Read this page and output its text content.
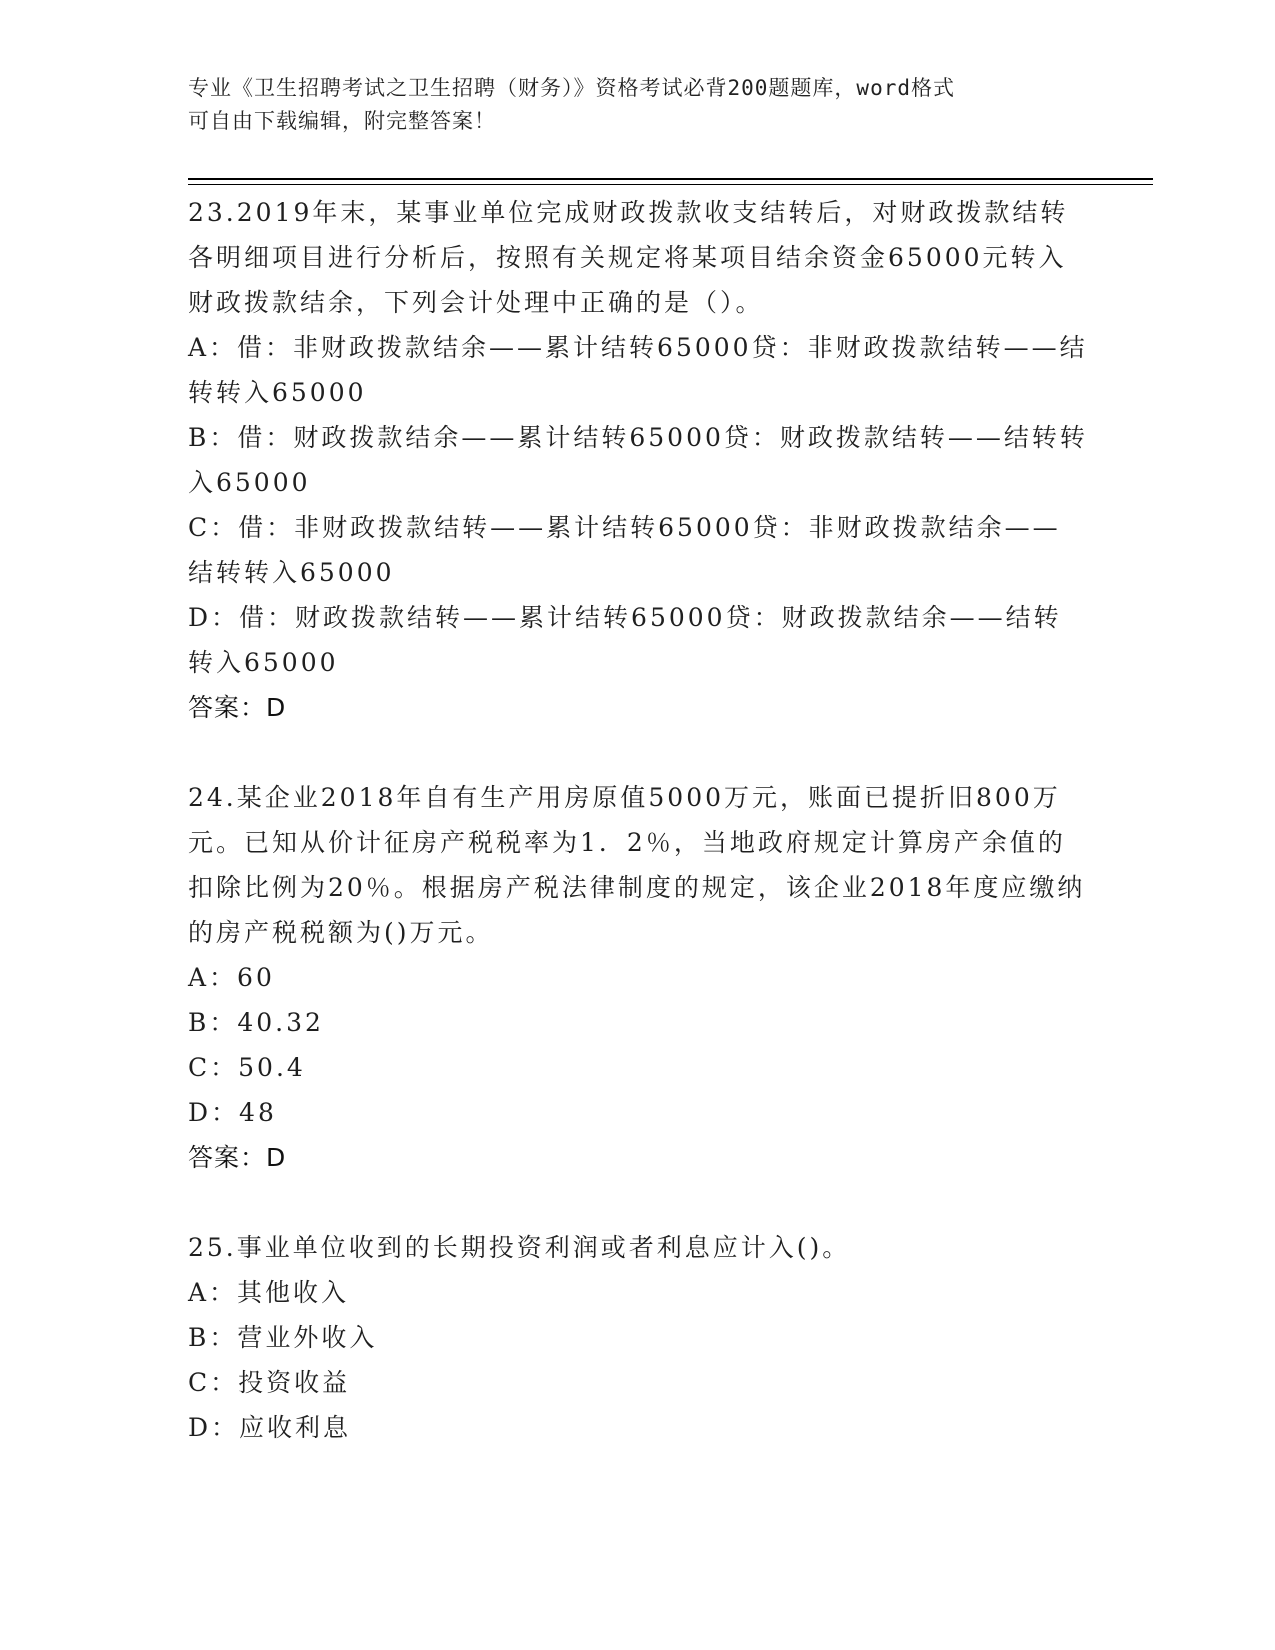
专业《卫生招聘考试之卫生招聘（财务）》资格考试必背200题题库，word格式
可自由下载编辑，附完整答案！
23.2019年末，某事业单位完成财政拨款收支结转后，对财政拨款结转各明细项目进行分析后，按照有关规定将某项目结余资金65000元转入财政拨款结余，下列会计处理中正确的是（）。
A：借：非财政拨款结余——累计结转65000贷：非财政拨款结转——结转转入65000
B：借：财政拨款结余——累计结转65000贷：财政拨款结转——结转转入65000
C：借：非财政拨款结转——累计结转65000贷：非财政拨款结余——结转转入65000
D：借：财政拨款结转——累计结转65000贷：财政拨款结余——结转转入65000
答案：D
24.某企业2018年自有生产用房原值5000万元，账面已提折旧800万元。已知从价计征房产税税率为1．2％，当地政府规定计算房产余值的扣除比例为20％。根据房产税法律制度的规定，该企业2018年度应缴纳的房产税税额为()万元。
A：60
B：40.32
C：50.4
D：48
答案：D
25.事业单位收到的长期投资利润或者利息应计入()。
A：其他收入
B：营业外收入
C：投资收益
D：应收利息
